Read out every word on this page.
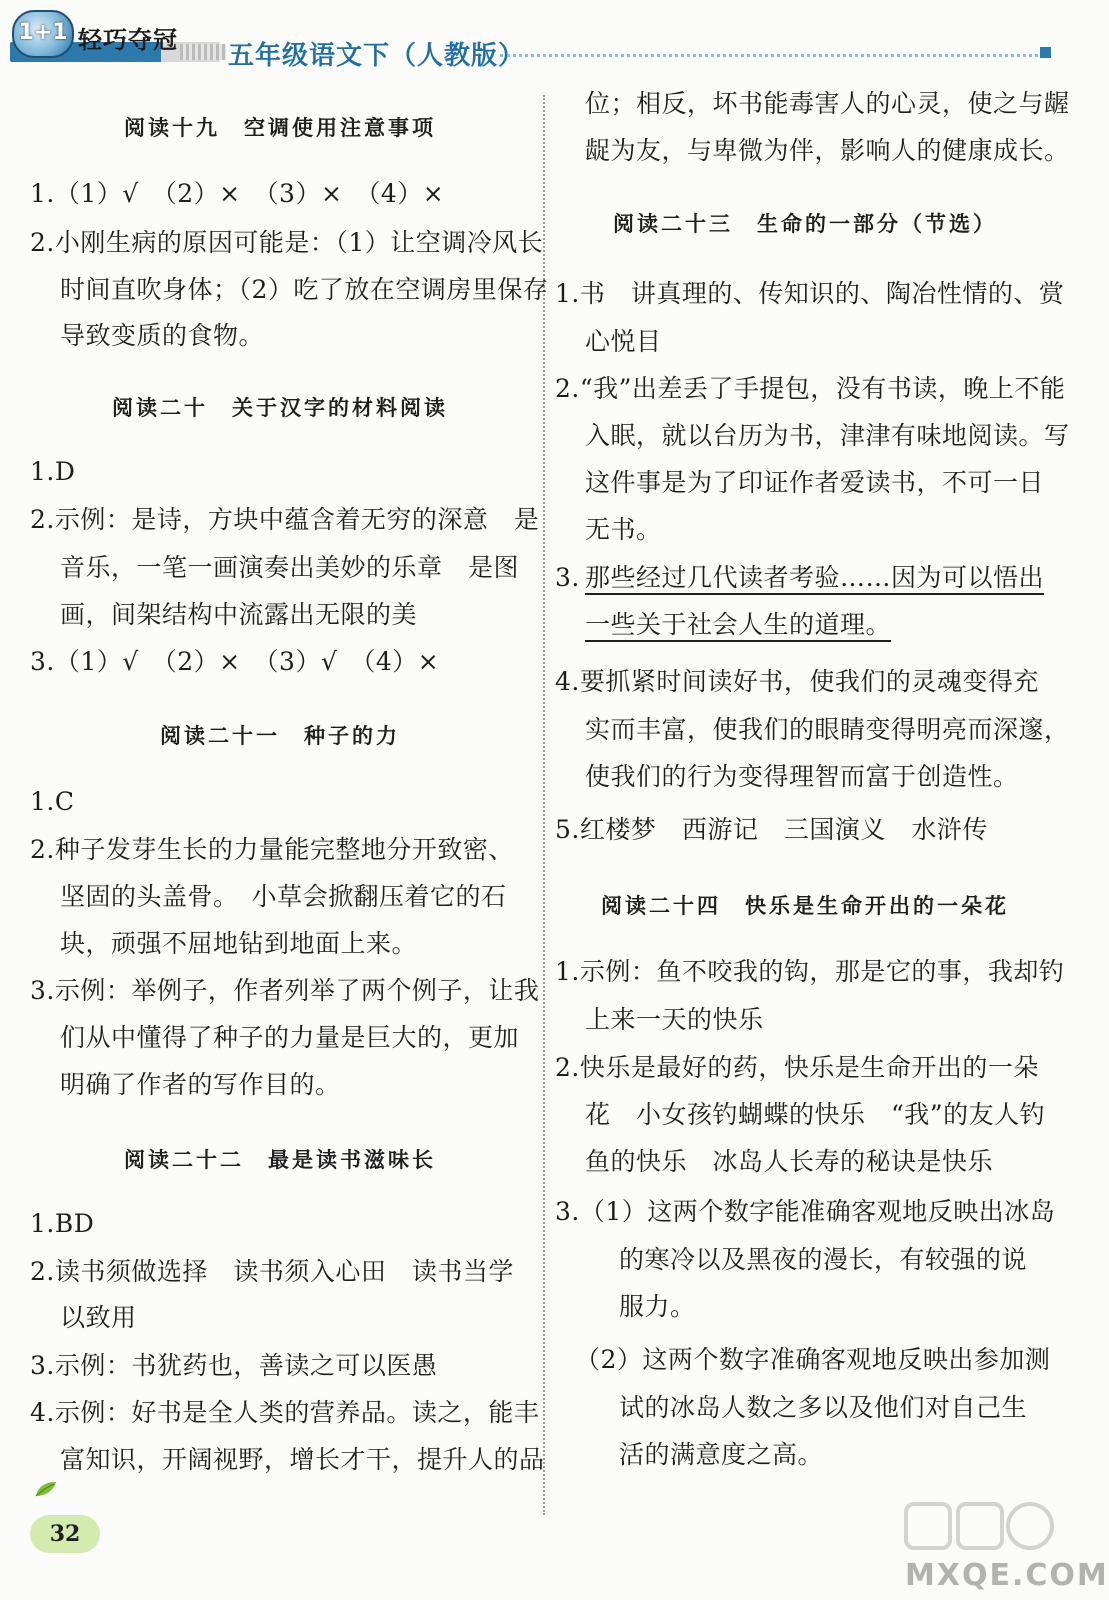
1+1 轻巧夺冠
五年级语文下（人教版）
阅读十九　空调使用注意事项
1.（1）√　（2）×　（3）×　（4）×
2.小刚生病的原因可能是：（1）让空调冷风长
时间直吹身体；（2）吃了放在空调房里保存
导致变质的食物。
阅读二十　关于汉字的材料阅读
1.D
2.示例：是诗，方块中蕴含着无穷的深意　是
音乐，一笔一画演奏出美妙的乐章　是图
画，间架结构中流露出无限的美
3.（1）√　（2）×　（3）√　（4）×
阅读二十一　种子的力
1.C
2.种子发芽生长的力量能完整地分开致密、
坚固的头盖骨。　小草会掀翻压着它的石
块，顽强不屈地钻到地面上来。
3.示例：举例子，作者列举了两个例子，让我
们从中懂得了种子的力量是巨大的，更加
明确了作者的写作目的。
阅读二十二　最是读书滋味长
1.BD
2.读书须做选择　读书须入心田　读书当学
以致用
3.示例：书犹药也，善读之可以医愚
4.示例：好书是全人类的营养品。读之，能丰
富知识，开阔视野，增长才干，提升人的品
位；相反，坏书能毒害人的心灵，使之与龌
龊为友，与卑微为伴，影响人的健康成长。
阅读二十三　生命的一部分（节选）
1.书　讲真理的、传知识的、陶冶性情的、赏
心悦目
2.“我”出差丢了手提包，没有书读，晚上不能
入眠，就以台历为书，津津有味地阅读。写
这件事是为了印证作者爱读书，不可一日
无书。
3. 那些经过几代读者考验……因为可以悟出
一些关于社会人生的道理。
4.要抓紧时间读好书，使我们的灵魂变得充
实而丰富，使我们的眼睛变得明亮而深邃，
使我们的行为变得理智而富于创造性。
5.红楼梦　西游记　三国演义　水浒传
阅读二十四　快乐是生命开出的一朵花
1.示例：鱼不咬我的钩，那是它的事，我却钓
上来一天的快乐
2.快乐是最好的药，快乐是生命开出的一朵
花　小女孩钓蝴蝶的快乐　“我”的友人钓
鱼的快乐　冰岛人长寿的秘诀是快乐
3.（1）这两个数字能准确客观地反映出冰岛
的寒冷以及黑夜的漫长，有较强的说
服力。
（2）这两个数字准确客观地反映出参加测
试的冰岛人数之多以及他们对自己生
活的满意度之高。
32
MXQE.COM
